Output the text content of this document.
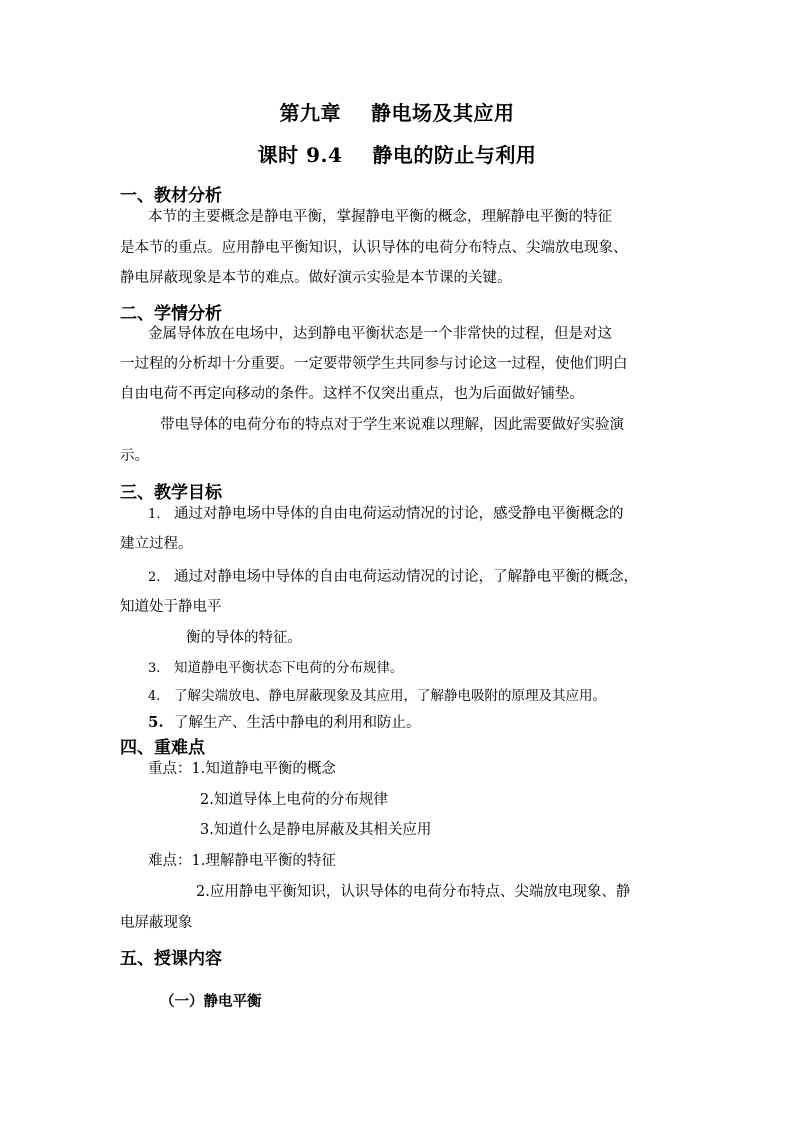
第九章 静电场及其应用
课时 9.4 静电的防止与利用
一、教材分析
本节的主要概念是静电平衡，掌握静电平衡的概念，理解静电平衡的特征
是本节的重点。应用静电平衡知识，认识导体的电荷分布特点、尖端放电现象、
静电屏蔽现象是本节的难点。做好演示实验是本节课的关键。
二、学情分析
金属导体放在电场中，达到静电平衡状态是一个非常快的过程，但是对这
一过程的分析却十分重要。一定要带领学生共同参与讨论这一过程，使他们明白
自由电荷不再定向移动的条件。这样不仅突出重点，也为后面做好铺垫。
带电导体的电荷分布的特点对于学生来说难以理解，因此需要做好实验演
示。
三、教学目标
1. 通过对静电场中导体的自由电荷运动情况的讨论，感受静电平衡概念的
建立过程。
2. 通过对静电场中导体的自由电荷运动情况的讨论，了解静电平衡的概念，
知道处于静电平
衡的导体的特征。
3. 知道静电平衡状态下电荷的分布规律。
4. 了解尖端放电、静电屏蔽现象及其应用，了解静电吸附的原理及其应用。
5. 了解生产、生活中静电的利用和防止。
四、重难点
重点：1.知道静电平衡的概念
2.知道导体上电荷的分布规律
3.知道什么是静电屏蔽及其相关应用
难点：1.理解静电平衡的特征
2.应用静电平衡知识，认识导体的电荷分布特点、尖端放电现象、静
电屏蔽现象
五、授课内容
（一）静电平衡
